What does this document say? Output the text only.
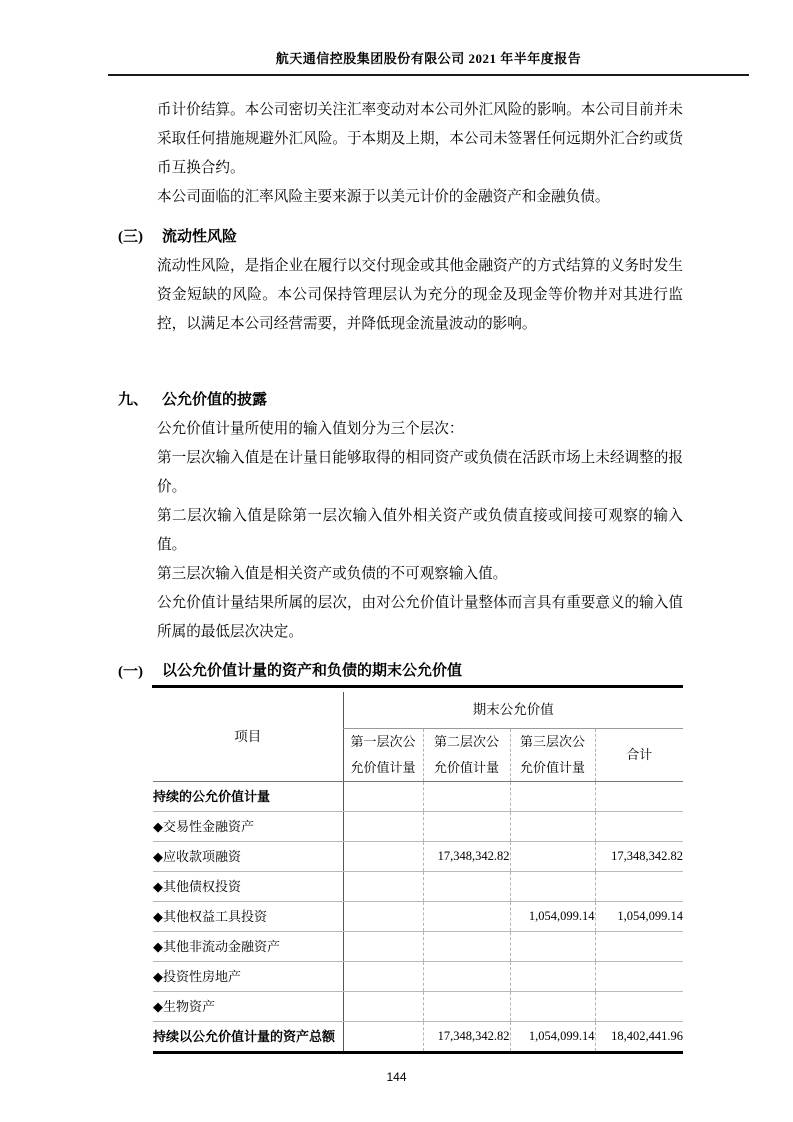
航天通信控股集团股份有限公司 2021 年半年度报告

币计价结算。本公司密切关注汇率变动对本公司外汇风险的影响。本公司目前并未采取任何措施规避外汇风险。于本期及上期，本公司未签署任何远期外汇合约或货币互换合约。

本公司面临的汇率风险主要来源于以美元计价的金融资产和金融负债。

(三)	流动性风险

流动性风险，是指企业在履行以交付现金或其他金融资产的方式结算的义务时发生资金短缺的风险。本公司保持管理层认为充分的现金及现金等价物并对其进行监控，以满足本公司经营需要，并降低现金流量波动的影响。

九、 公允价值的披露

公允价值计量所使用的输入值划分为三个层次：

第一层次输入值是在计量日能够取得的相同资产或负债在活跃市场上未经调整的报价。

第二层次输入值是除第一层次输入值外相关资产或负债直接或间接可观察的输入值。

第三层次输入值是相关资产或负债的不可观察输入值。

公允价值计量结果所属的层次，由对公允价值计量整体而言具有重要意义的输入值所属的最低层次决定。

(一)	以公允价值计量的资产和负债的期末公允价值
项目	期末公允价值			
	第一层次公允价值计量	第二层次公允价值计量	第三层次公允价值计量	合计
持续的公允价值计量				
◆交易性金融资产				
◆应收款项融资		17,348,342.82		17,348,342.82
◆其他债权投资				
◆其他权益工具投资			1,054,099.14	1,054,099.14
◆其他非流动金融资产				
◆投资性房地产				
◆生物资产				
持续以公允价值计量的资产总额		17,348,342.82	1,054,099.14	18,402,441.96
144
